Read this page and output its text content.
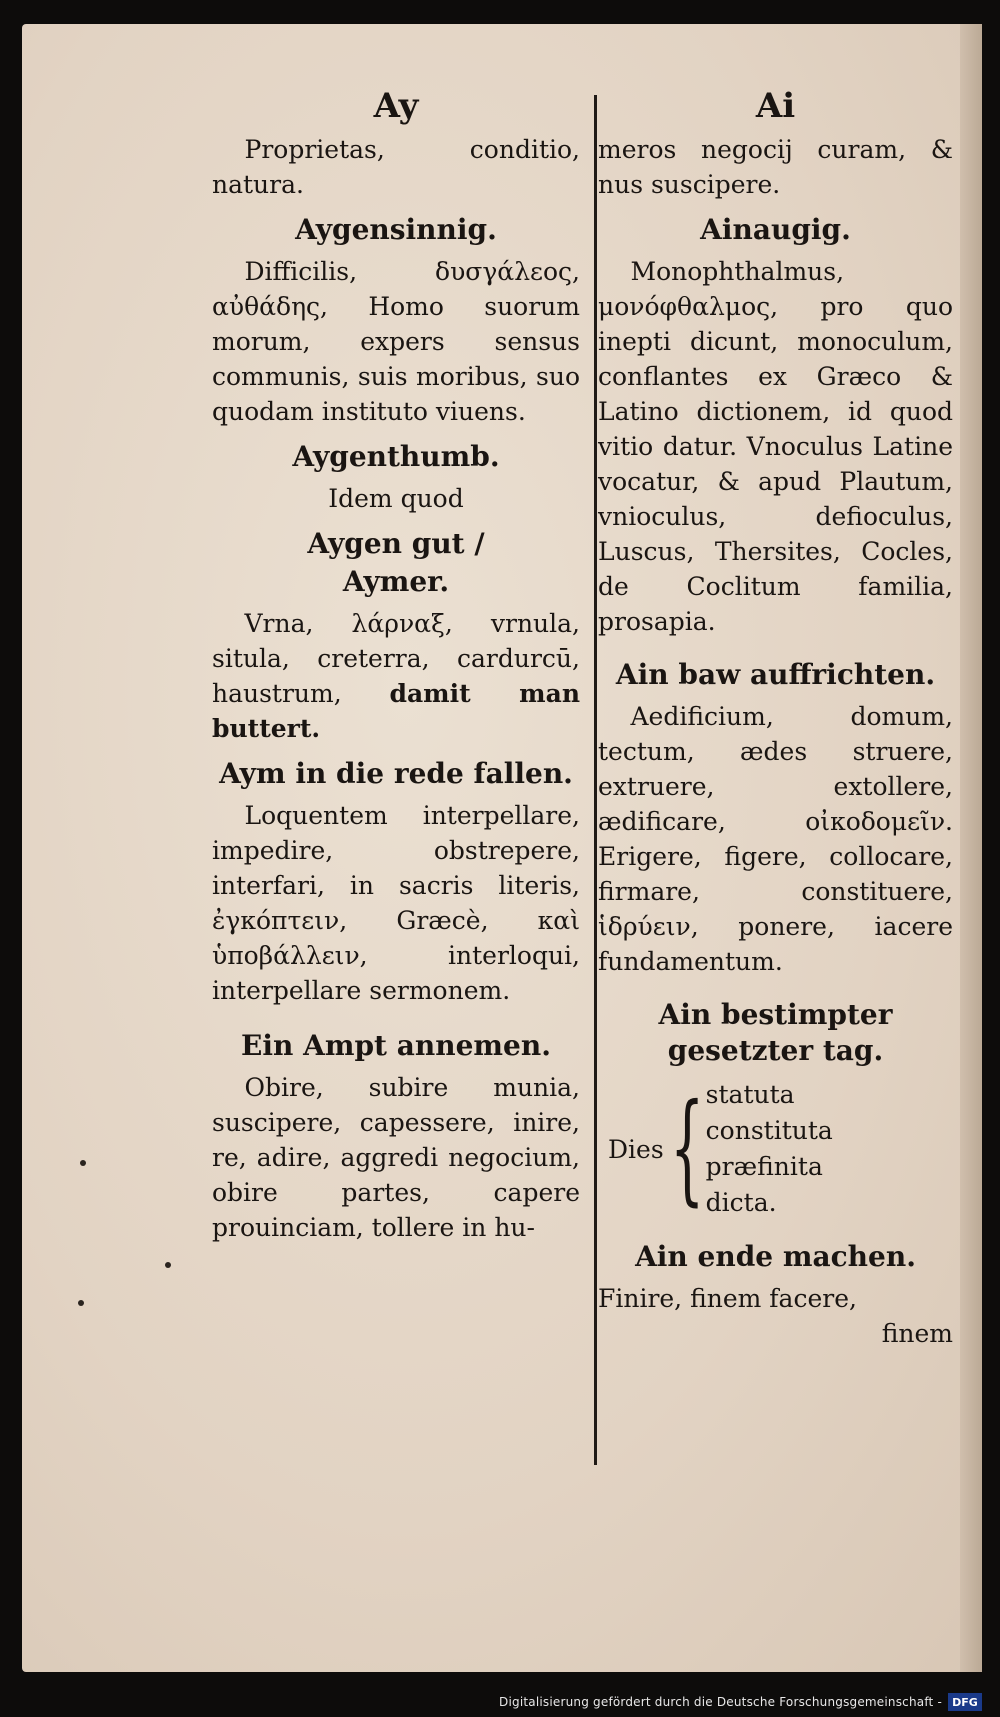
Ay
Proprietas, conditio, natura.
Aygensinnig.
Difficilis, δυσγάλεος, αὐθάδης, Homo suorum morum, expers sensus communis, suis moribus, suo quodam instituto viuens.
Aygenthumb.
Idem quod
Aygen gut /
Aymer.
Vrna, λάρναξ, vrnula, situla, creterra, cardurcū, haustrum, damit man buttert.
Aym in die rede fallen.
Loquentem interpellare, impedire, obstrepere, interfari, in sacris literis, ἐγκόπτειν, Græcè, καὶ ὑποβάλλειν, interloqui, interpellare sermonem.
Ein Ampt annemen.
Obire, subire munia, suscipere, capessere, inire, re, adire, aggredi negocium, obire partes, capere prouinciam, tollere in hu-
Ai
meros negocij curam, & nus suscipere.
Ainaugig.
Monophthalmus, μονόφθαλμος, pro quo inepti dicunt, monoculum, conflantes ex Græco & Latino dictionem, id quod vitio datur. Vnoculus Latine vocatur, & apud Plautum, vnioculus, defioculus, Luscus, Thersites, Cocles, de Coclitum familia, prosapia.
Ain baw auffrichten.
Aedificium, domum, tectum, ædes struere, extruere, extollere, ædificare, οἰκοδομεῖν. Erigere, figere, collocare, firmare, constituere, ἱδρύειν, ponere, iacere fundamentum.
Ain bestimpter gesetzter tag.
Dies { statuta
constituta
præfinita
dicta.
Ain ende machen.
Finire, finem facere,
finem
Digitalisierung gefördert durch die Deutsche Forschungsgemeinschaft - DFG
